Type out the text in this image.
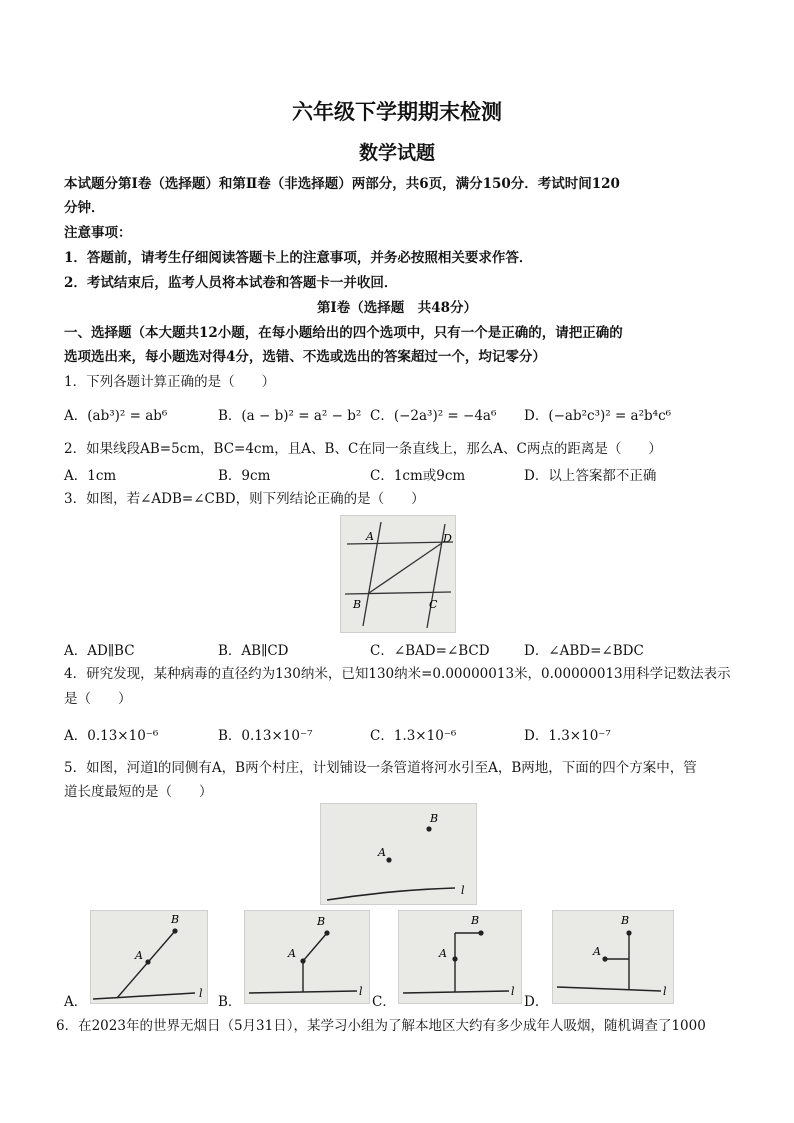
六年级下学期期末检测
数学试题
本试题分第Ⅰ卷（选择题）和第Ⅱ卷（非选择题）两部分，共6页，满分150分．考试时间120
分钟．
注意事项：
1．答题前，请考生仔细阅读答题卡上的注意事项，并务必按照相关要求作答．
2．考试结束后，监考人员将本试卷和答题卡一并收回．
第Ⅰ卷（选择题　共48分）
一、选择题（本大题共12小题，在每小题给出的四个选项中，只有一个是正确的，请把正确的
选项选出来，每小题选对得4分，选错、不选或选出的答案超过一个，均记零分）
1．下列各题计算正确的是（　　）
A．(ab³)² = ab⁶	B．(a − b)² = a² − b² C．(−2a³)² = −4a⁶ D．(−ab²c³)² = a²b⁴c⁶
2．如果线段AB=5cm，BC=4cm，且A、B、C在同一条直线上，那么A、C两点的距离是（　　）
A．1cm	B．9cm	C．1cm或9cm	D．以上答案都不正确
3．如图，若∠ADB=∠CBD，则下列结论正确的是（　　）
A	D
B	C
A．AD∥BC	B．AB∥CD	C．∠BAD=∠BCD	D．∠ABD=∠BDC
4．研究发现，某种病毒的直径约为130纳米，已知130纳米=0.00000013米，0.00000013用科学记数法表示
是（　　）
A．0.13×10⁻⁶	B．0.13×10⁻⁷	C．1.3×10⁻⁶	D．1.3×10⁻⁷
5．如图，河道l的同侧有A，B两个村庄，计划铺设一条管道将河水引至A，B两地，下面的四个方案中，管
道长度最短的是（　　）
B
A
l
A．
B
A
l
B．
B
A
l
C．
B
A
l
D．
B
A
l
6．在2023年的世界无烟日（5月31日），某学习小组为了解本地区大约有多少成年人吸烟，随机调查了1000
